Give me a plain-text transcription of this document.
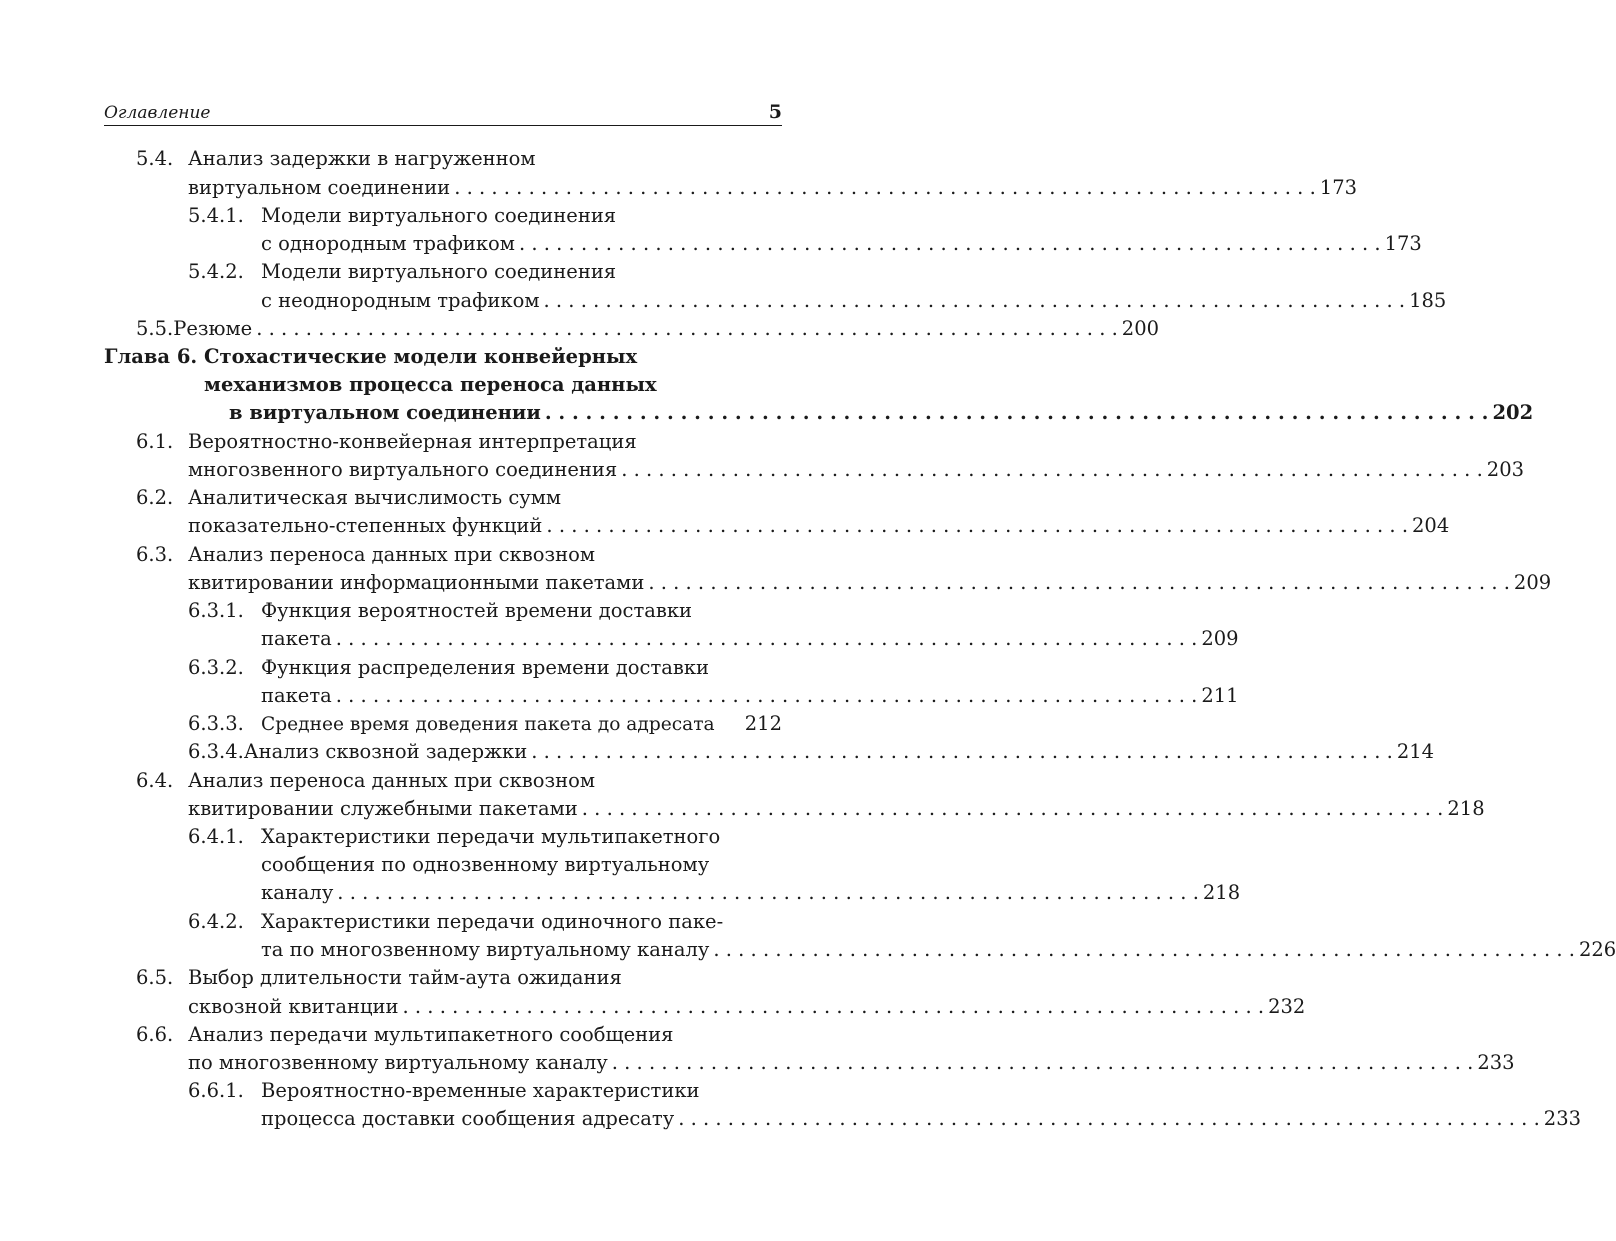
Оглавление	5
5.4. Анализ задержки в нагруженном
виртуальном соединении . . . . . . . . . . . . . . . . . . . . . . . . . . . . . . . . . . . . . . . . . . . . . . . . . . . . . . . . . . . . . . . . . . . . . . 173
5.4.1. Модели виртуального соединения
с однородным трафиком . . . . . . . . . . . . . . . . . . . . . . . . . . . . . . . . . . . . . . . . . . . . . . . . . . . . . . . . . . . . . . . . . . . . . . 173
5.4.2. Модели виртуального соединения
с неоднородным трафиком . . . . . . . . . . . . . . . . . . . . . . . . . . . . . . . . . . . . . . . . . . . . . . . . . . . . . . . . . . . . . . . . . . . . . . 185
5.5. Резюме . . . . . . . . . . . . . . . . . . . . . . . . . . . . . . . . . . . . . . . . . . . . . . . . . . . . . . . . . . . . . . . . . . . . . . 200
Глава 6. Стохастические модели конвейерных
механизмов процесса переноса данных
в виртуальном соединении . . . . . . . . . . . . . . . . . . . . . . . . . . . . . . . . . . . . . . . . . . . . . . . . . . . . . . . . . . . . . . . . . . . . . . 202
6.1. Вероятностно-конвейерная интерпретация
многозвенного виртуального соединения . . . . . . . . . . . . . . . . . . . . . . . . . . . . . . . . . . . . . . . . . . . . . . . . . . . . . . . . . . . . . . . . . . . . . . 203
6.2. Аналитическая вычислимость сумм
показательно-степенных функций . . . . . . . . . . . . . . . . . . . . . . . . . . . . . . . . . . . . . . . . . . . . . . . . . . . . . . . . . . . . . . . . . . . . . . 204
6.3. Анализ переноса данных при сквозном
квитировании информационными пакетами . . . . . . . . . . . . . . . . . . . . . . . . . . . . . . . . . . . . . . . . . . . . . . . . . . . . . . . . . . . . . . . . . . . . . . 209
6.3.1. Функция вероятностей времени доставки
пакета . . . . . . . . . . . . . . . . . . . . . . . . . . . . . . . . . . . . . . . . . . . . . . . . . . . . . . . . . . . . . . . . . . . . . . 209
6.3.2. Функция распределения времени доставки
пакета . . . . . . . . . . . . . . . . . . . . . . . . . . . . . . . . . . . . . . . . . . . . . . . . . . . . . . . . . . . . . . . . . . . . . . 211
6.3.3. Среднее время доведения пакета до адресата 212
6.3.4. Анализ сквозной задержки . . . . . . . . . . . . . . . . . . . . . . . . . . . . . . . . . . . . . . . . . . . . . . . . . . . . . . . . . . . . . . . . . . . . . . 214
6.4. Анализ переноса данных при сквозном
квитировании служебными пакетами . . . . . . . . . . . . . . . . . . . . . . . . . . . . . . . . . . . . . . . . . . . . . . . . . . . . . . . . . . . . . . . . . . . . . . 218
6.4.1. Характеристики передачи мультипакетного
сообщения по однозвенному виртуальному
каналу . . . . . . . . . . . . . . . . . . . . . . . . . . . . . . . . . . . . . . . . . . . . . . . . . . . . . . . . . . . . . . . . . . . . . . 218
6.4.2. Характеристики передачи одиночного паке-
та по многозвенному виртуальному каналу . . . . . . . . . . . . . . . . . . . . . . . . . . . . . . . . . . . . . . . . . . . . . . . . . . . . . . . . . . . . . . . . . . . . . . 226
6.5. Выбор длительности тайм-аута ожидания
сквозной квитанции . . . . . . . . . . . . . . . . . . . . . . . . . . . . . . . . . . . . . . . . . . . . . . . . . . . . . . . . . . . . . . . . . . . . . . 232
6.6. Анализ передачи мультипакетного сообщения
по многозвенному виртуальному каналу . . . . . . . . . . . . . . . . . . . . . . . . . . . . . . . . . . . . . . . . . . . . . . . . . . . . . . . . . . . . . . . . . . . . . . 233
6.6.1. Вероятностно-временные характеристики
процесса доставки сообщения адресату . . . . . . . . . . . . . . . . . . . . . . . . . . . . . . . . . . . . . . . . . . . . . . . . . . . . . . . . . . . . . . . . . . . . . . 233
